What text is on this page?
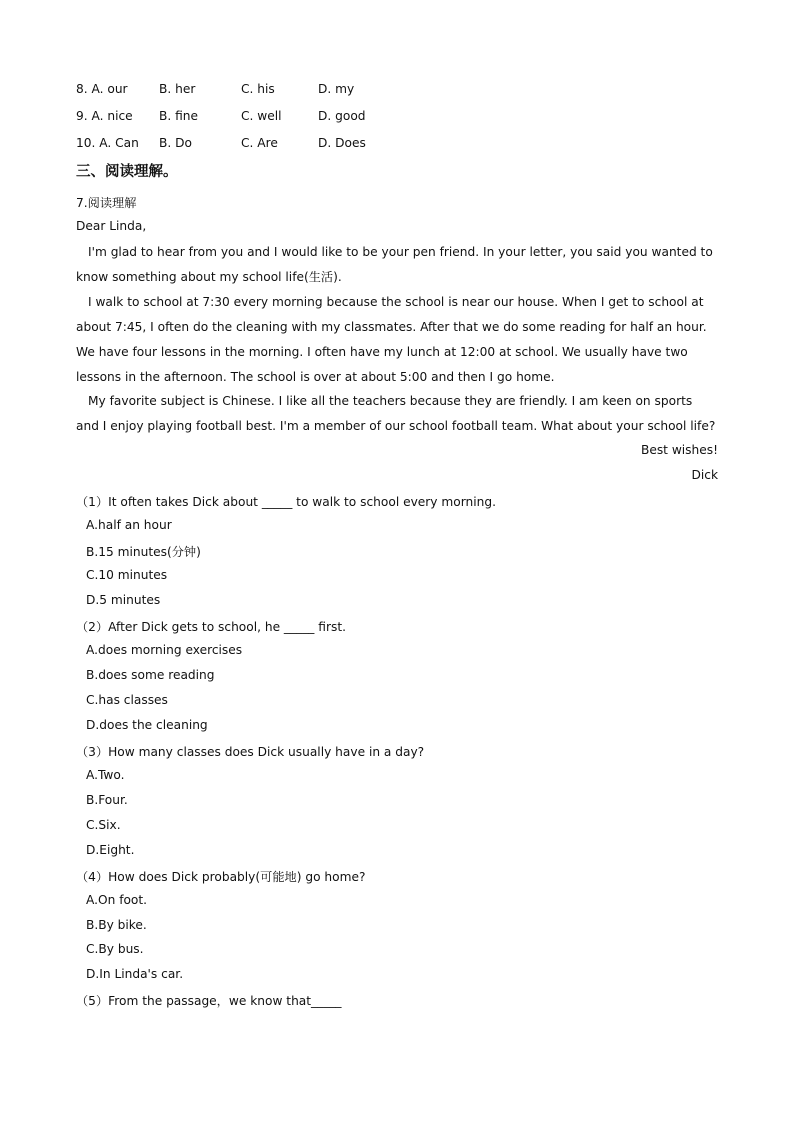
8. A. our	B. her	C. his	D. my
9. A. nice B. fine	C. well	D. good
10. A. Can B. Do	C. Are	D. Does
三、阅读理解。
7.阅读理解
Dear Linda,
I'm glad to hear from you and I would like to be your pen friend. In your letter, you said you wanted to know something about my school life(生活).
I walk to school at 7:30 every morning because the school is near our house. When I get to school at about 7:45, I often do the cleaning with my classmates. After that we do some reading for half an hour. We have four lessons in the morning. I often have my lunch at 12:00 at school. We usually have two lessons in the afternoon. The school is over at about 5:00 and then I go home.
My favorite subject is Chinese. I like all the teachers because they are friendly. I am keen on sports and I enjoy playing football best. I'm a member of our school football team. What about your school life?
Best wishes!
Dick
（1）It often takes Dick about _____ to walk to school every morning.
A.half an hour
B.15 minutes(分钟)
C.10 minutes
D.5 minutes
（2）After Dick gets to school, he _____ first.
A.does morning exercises
B.does some reading
C.has classes
D.does the cleaning
（3）How many classes does Dick usually have in a day?
A.Two.
B.Four.
C.Six.
D.Eight.
（4）How does Dick probably(可能地) go home?
A.On foot.
B.By bike.
C.By bus.
D.In Linda's car.
（5）From the passage，we know that_____
